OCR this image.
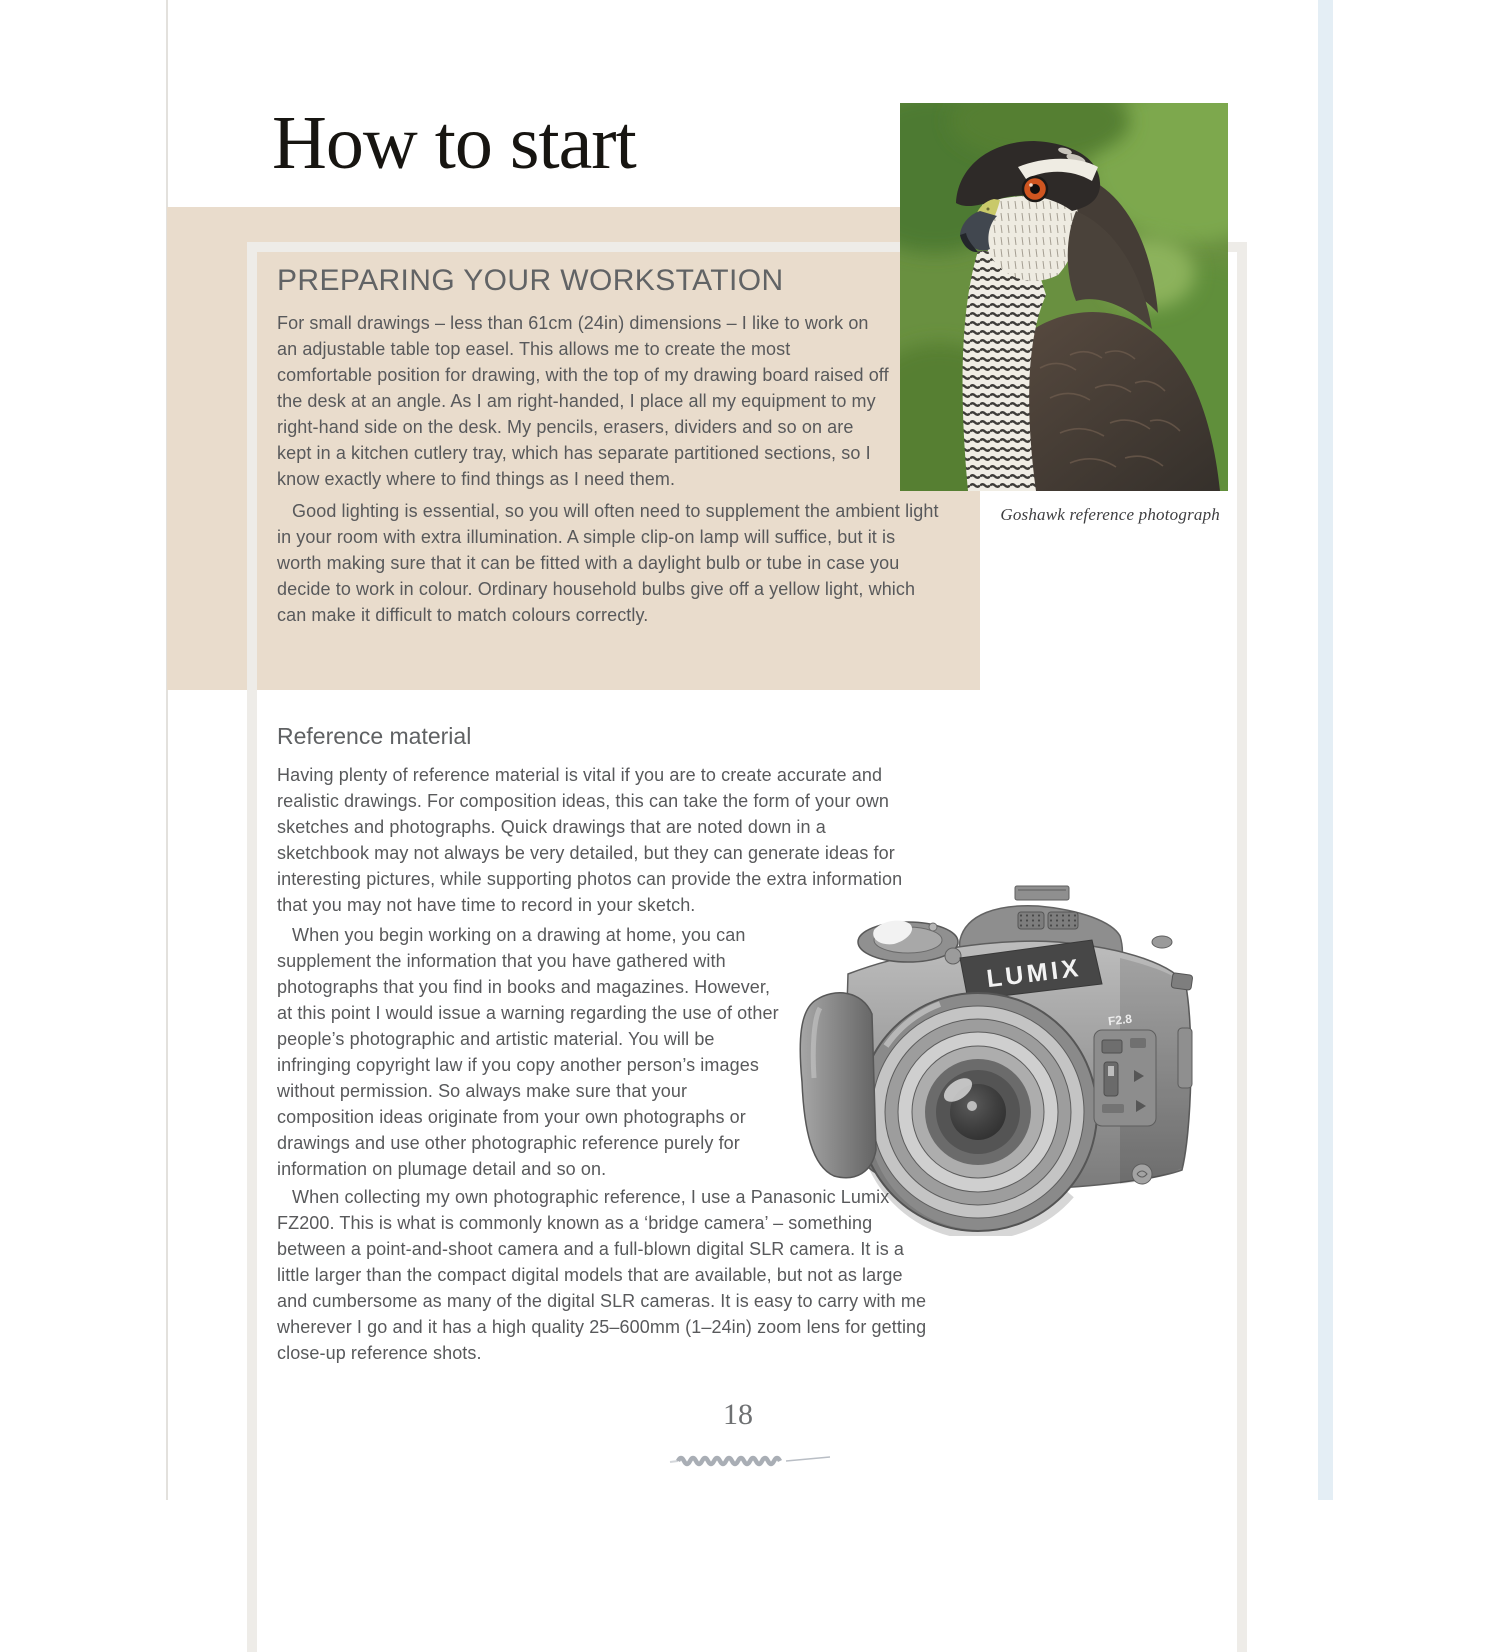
How to start
PREPARING YOUR WORKSTATION
For small drawings – less than 61cm (24in) dimensions – I like to work on an adjustable table top easel. This allows me to create the most comfortable position for drawing, with the top of my drawing board raised off the desk at an angle. As I am right-handed, I place all my equipment to my right-hand side on the desk. My pencils, erasers, dividers and so on are kept in a kitchen cutlery tray, which has separate partitioned sections, so I know exactly where to find things as I need them.
Good lighting is essential, so you will often need to supplement the ambient light in your room with extra illumination. A simple clip-on lamp will suffice, but it is worth making sure that it can be fitted with a daylight bulb or tube in case you decide to work in colour. Ordinary household bulbs give off a yellow light, which can make it difficult to match colours correctly.
Goshawk reference photograph
Reference material
Having plenty of reference material is vital if you are to create accurate and realistic drawings. For composition ideas, this can take the form of your own sketches and photographs. Quick drawings that are noted down in a sketchbook may not always be very detailed, but they can generate ideas for interesting pictures, while supporting photos can provide the extra information that you may not have time to record in your sketch.
When you begin working on a drawing at home, you can supplement the information that you have gathered with photographs that you find in books and magazines. However, at this point I would issue a warning regarding the use of other people’s photographic and artistic material. You will be infringing copyright law if you copy another person’s images without permission. So always make sure that your composition ideas originate from your own photographs or drawings and use other photographic reference purely for information on plumage detail and so on.
When collecting my own photographic reference, I use a Panasonic Lumix FZ200. This is what is commonly known as a ‘bridge camera’ – something between a point-and-shoot camera and a full-blown digital SLR camera. It is a little larger than the compact digital models that are available, but not as large and cumbersome as many of the digital SLR cameras. It is easy to carry with me wherever I go and it has a high quality 25–600mm (1–24in) zoom lens for getting close-up reference shots.
LUMIX
F2.8
18
